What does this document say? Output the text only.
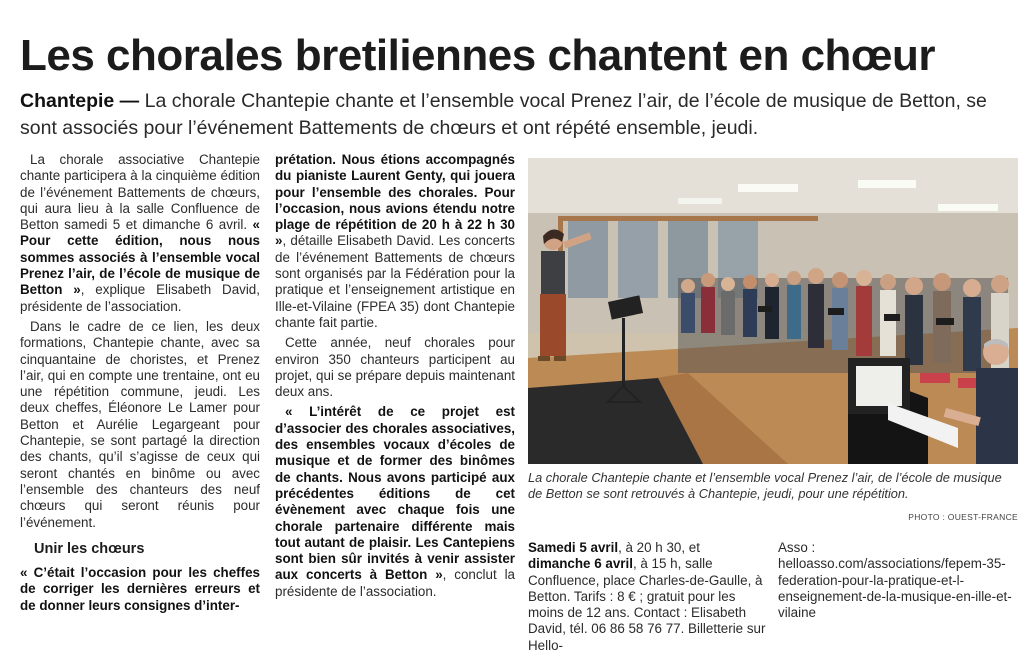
Les chorales bretiliennes chantent en chœur
Chantepie — La chorale Chantepie chante et l’ensemble vocal Prenez l’air, de l’école de musique de Betton, se sont associés pour l’événement Battements de chœurs et ont répété ensemble, jeudi.

La chorale associative Chantepie chante participera à la cinquième édition de l’événement Battements de chœurs, qui aura lieu à la salle Confluence de Betton samedi 5 et dimanche 6 avril. « Pour cette édition, nous nous sommes associés à l’ensemble vocal Prenez l’air, de l’école de musique de Betton », explique Elisabeth David, présidente de l’association.

Dans le cadre de ce lien, les deux formations, Chantepie chante, avec sa cinquantaine de choristes, et Prenez l’air, qui en compte une trentaine, ont eu une répétition commune, jeudi. Les deux cheffes, Éléonore Le Lamer pour Betton et Aurélie Legargeant pour Chantepie, se sont partagé la direction des chants, qu’il s’agisse de ceux qui seront chantés en binôme ou avec l’ensemble des chanteurs des neuf chœurs qui seront réunis pour l’événement.

Unir les chœurs

« C’était l’occasion pour les cheffes de corriger les dernières erreurs et de donner leurs consignes d’inter-

prétation. Nous étions accompagnés du pianiste Laurent Genty, qui jouera pour l’ensemble des chorales. Pour l’occasion, nous avions étendu notre plage de répétition de 20 h à 22 h 30 », détaille Elisabeth David. Les concerts de l’événement Battements de chœurs sont organisés par la Fédération pour la pratique et l’enseignement artistique en Ille-et-Vilaine (FPEA 35) dont Chantepie chante fait partie.

Cette année, neuf chorales pour environ 350 chanteurs participent au projet, qui se prépare depuis maintenant deux ans.

« L’intérêt de ce projet est d’associer des chorales associatives, des ensembles vocaux d’écoles de musique et de former des binômes de chants. Nous avons participé aux précédentes éditions de cet évènement avec chaque fois une chorale partenaire différente mais tout autant de plaisir. Les Cantepiens sont bien sûr invités à venir assister aux concerts à Betton », conclut la présidente de l’association.

La chorale Chantepie chante et l’ensemble vocal Prenez l’air, de l’école de musique de Betton se sont retrouvés à Chantepie, jeudi, pour une répétition.
PHOTO : OUEST-FRANCE

Samedi 5 avril, à 20 h 30, et dimanche 6 avril, à 15 h, salle Confluence, place Charles-de-Gaulle, à Betton. Tarifs : 8 € ; gratuit pour les moins de 12 ans. Contact : Elisabeth David, tél. 06 86 58 76 77. Billetterie sur Hello-

Asso : helloasso.com/associations/fepem-35-federation-pour-la-pratique-et-l-enseignement-de-la-musique-en-ille-et-vilaine
